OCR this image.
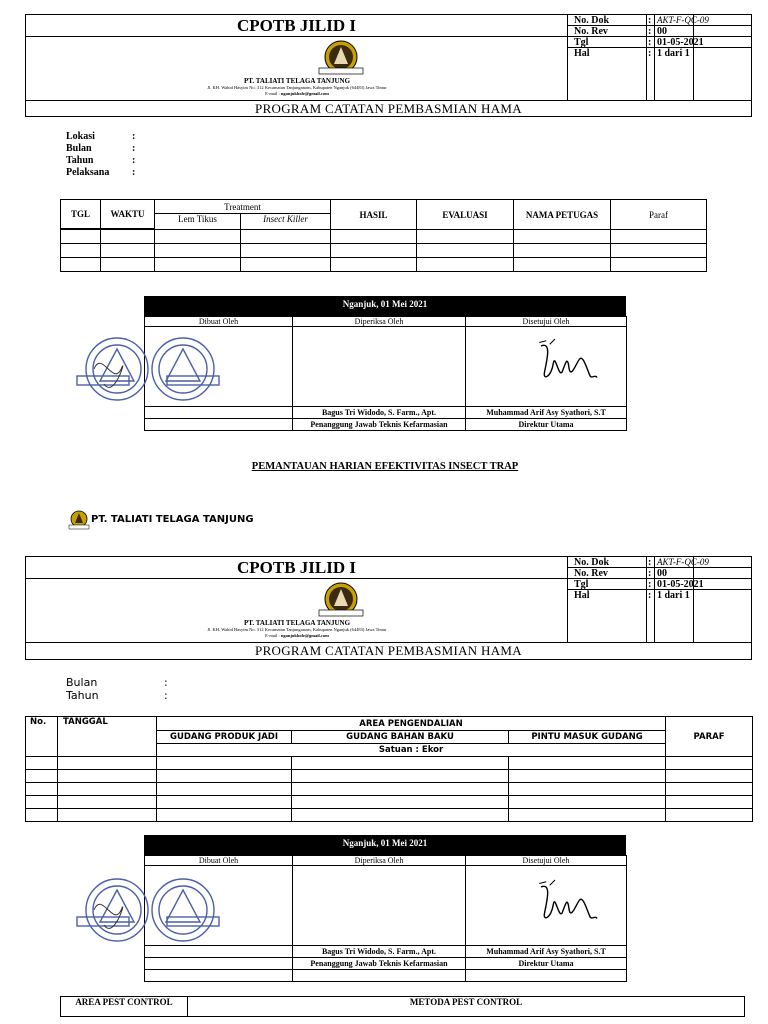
CPOTB JILID I
PT. TALIATI TELAGA TANJUNG
Jl. KH. Wahid Hasyim No. 312 Kecamatan Tanjunganom, Kabupaten Nganjuk (64483) Jawa Timur
E-mail : nganjukhole@gmail.com
PROGRAM CATATAN PEMBASMIAN HAMA
No. Dok	: AKT-F-QC-09
No. Rev	: 00
Tgl	: 01-05-2021
Hal	: 1 dari 1
Lokasi	:
Bulan	:
Tahun	:
Pelaksana :
TGL	WAKTU	Treatment		HASIL	EVALUASI	NAMA PETUGAS	Paraf
		Lem Tikus	Insect Killer				

Nganjuk, 01 Mei 2021
Dibuat Oleh	Diperiksa Oleh	Disetujui Oleh

	Bagus Tri Widodo, S. Farm., Apt.	Muhammad Arif Asy Syathori, S.T
	Penanggung Jawab Teknis Kefarmasian	Direktur Utama
PEMANTAUAN HARIAN EFEKTIVITAS INSECT TRAP
PT. TALIATI TELAGA TANJUNG
CPOTB JILID I
PT. TALIATI TELAGA TANJUNG
Jl. KH. Wahid Hasyim No. 312 Kecamatan Tanjunganom, Kabupaten Nganjuk (64483) Jawa Timur
E-mail : nganjukhole@gmail.com
PROGRAM CATATAN PEMBASMIAN HAMA
No. Dok	: AKT-F-QC-09
No. Rev	: 00
Tgl	: 01-05-2021
Hal	: 1 dari 1
Bulan	:
Tahun	:
No.	TANGGAL	AREA PENGENDALIAN			PARAF
		GUDANG PRODUK JADI	GUDANG BAHAN BAKU	PINTU MASUK GUDANG	
		Satuan : Ekor			

Nganjuk, 01 Mei 2021
Dibuat Oleh	Diperiksa Oleh	Disetujui Oleh

	Bagus Tri Widodo, S. Farm., Apt.	Muhammad Arif Asy Syathori, S.T
	Penanggung Jawab Teknis Kefarmasian	Direktur Utama

AREA PEST CONTROL	METODA PEST CONTROL
